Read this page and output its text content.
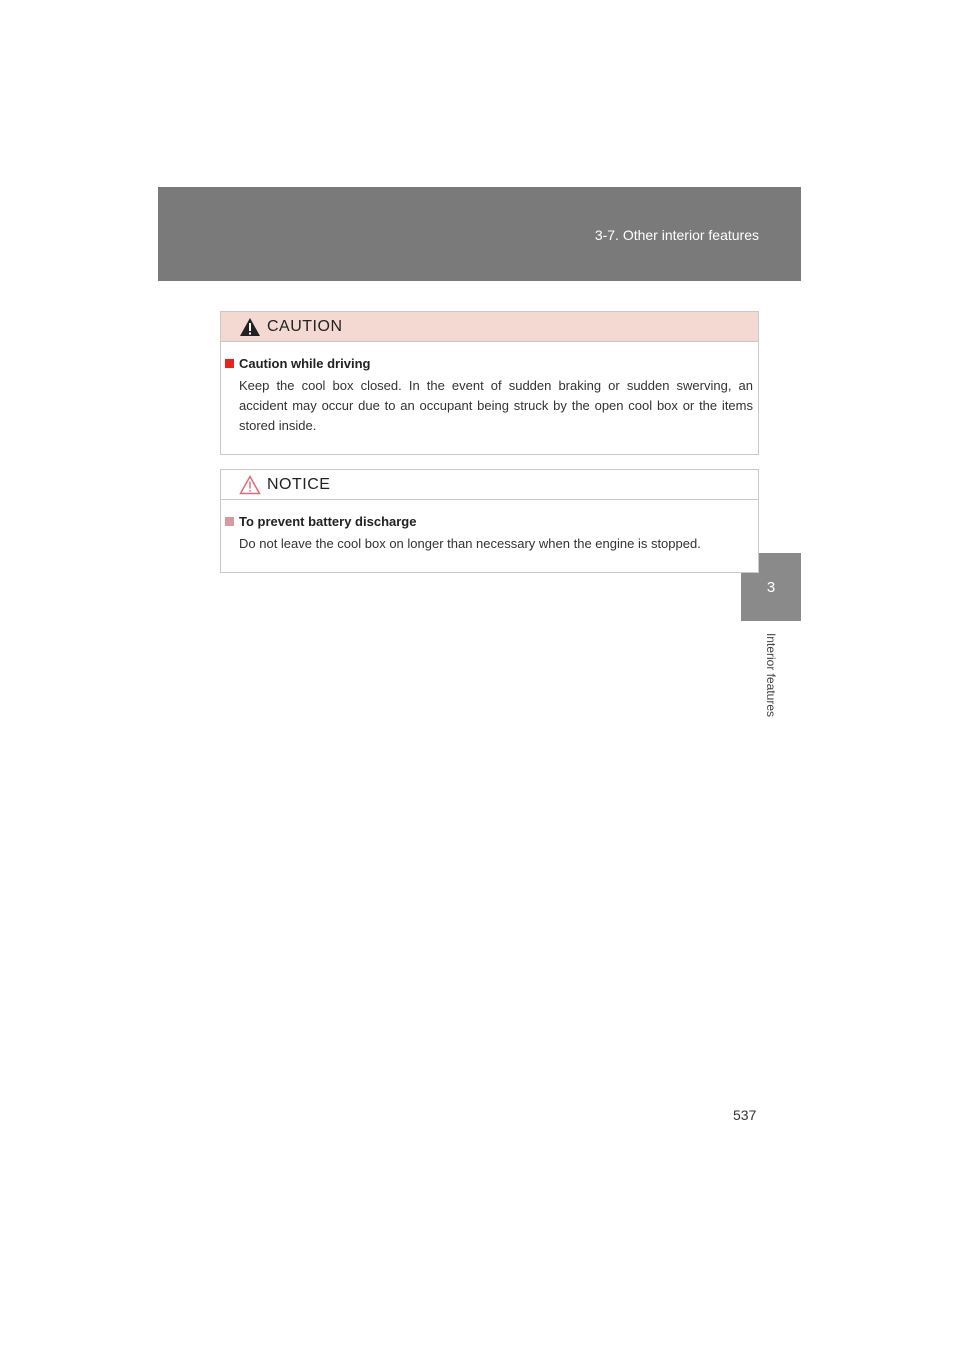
3-7. Other interior features
3
Interior features
CAUTION
Caution while driving
Keep the cool box closed. In the event of sudden braking or sudden swerving, an accident may occur due to an occupant being struck by the open cool box or the items stored inside.
NOTICE
To prevent battery discharge
Do not leave the cool box on longer than necessary when the engine is stopped.
537
